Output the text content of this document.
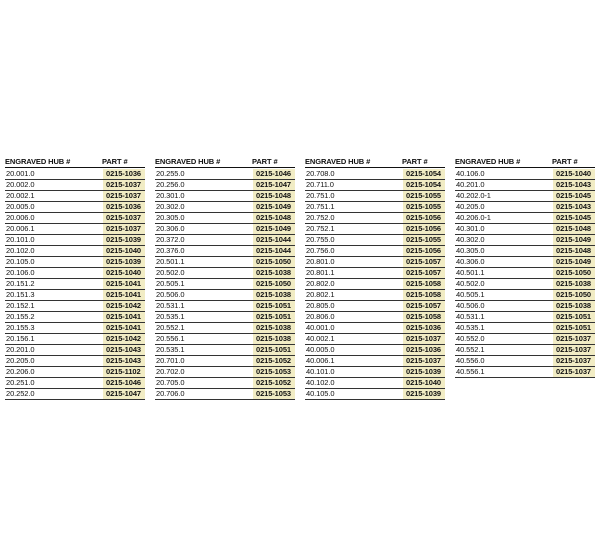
ENGRAVED HUB #	PART #
20.001.0	0215-1036
20.002.0	0215-1037
20.002.1	0215-1037
20.005.0	0215-1036
20.006.0	0215-1037
20.006.1	0215-1037
20.101.0	0215-1039
20.102.0	0215-1040
20.105.0	0215-1039
20.106.0	0215-1040
20.151.2	0215-1041
20.151.3	0215-1041
20.152.1	0215-1042
20.155.2	0215-1041
20.155.3	0215-1041
20.156.1	0215-1042
20.201.0	0215-1043
20.205.0	0215-1043
20.206.0	0215-1102
20.251.0	0215-1046
20.252.0	0215-1047
ENGRAVED HUB #	PART #
20.255.0	0215-1046
20.256.0	0215-1047
20.301.0	0215-1048
20.302.0	0215-1049
20.305.0	0215-1048
20.306.0	0215-1049
20.372.0	0215-1044
20.376.0	0215-1044
20.501.1	0215-1050
20.502.0	0215-1038
20.505.1	0215-1050
20.506.0	0215-1038
20.531.1	0215-1051
20.535.1	0215-1051
20.552.1	0215-1038
20.556.1	0215-1038
20.535.1	0215-1051
20.701.0	0215-1052
20.702.0	0215-1053
20.705.0	0215-1052
20.706.0	0215-1053
ENGRAVED HUB #	PART #
20.708.0	0215-1054
20.711.0	0215-1054
20.751.0	0215-1055
20.751.1	0215-1055
20.752.0	0215-1056
20.752.1	0215-1056
20.755.0	0215-1055
20.756.0	0215-1056
20.801.0	0215-1057
20.801.1	0215-1057
20.802.0	0215-1058
20.802.1	0215-1058
20.805.0	0215-1057
20.806.0	0215-1058
40.001.0	0215-1036
40.002.1	0215-1037
40.005.0	0215-1036
40.006.1	0215-1037
40.101.0	0215-1039
40.102.0	0215-1040
40.105.0	0215-1039
ENGRAVED HUB #	PART #
40.106.0	0215-1040
40.201.0	0215-1043
40.202.0-1	0215-1045
40.205.0	0215-1043
40.206.0-1	0215-1045
40.301.0	0215-1048
40.302.0	0215-1049
40.305.0	0215-1048
40.306.0	0215-1049
40.501.1	0215-1050
40.502.0	0215-1038
40.505.1	0215-1050
40.506.0	0215-1038
40.531.1	0215-1051
40.535.1	0215-1051
40.552.0	0215-1037
40.552.1	0215-1037
40.556.0	0215-1037
40.556.1	0215-1037
